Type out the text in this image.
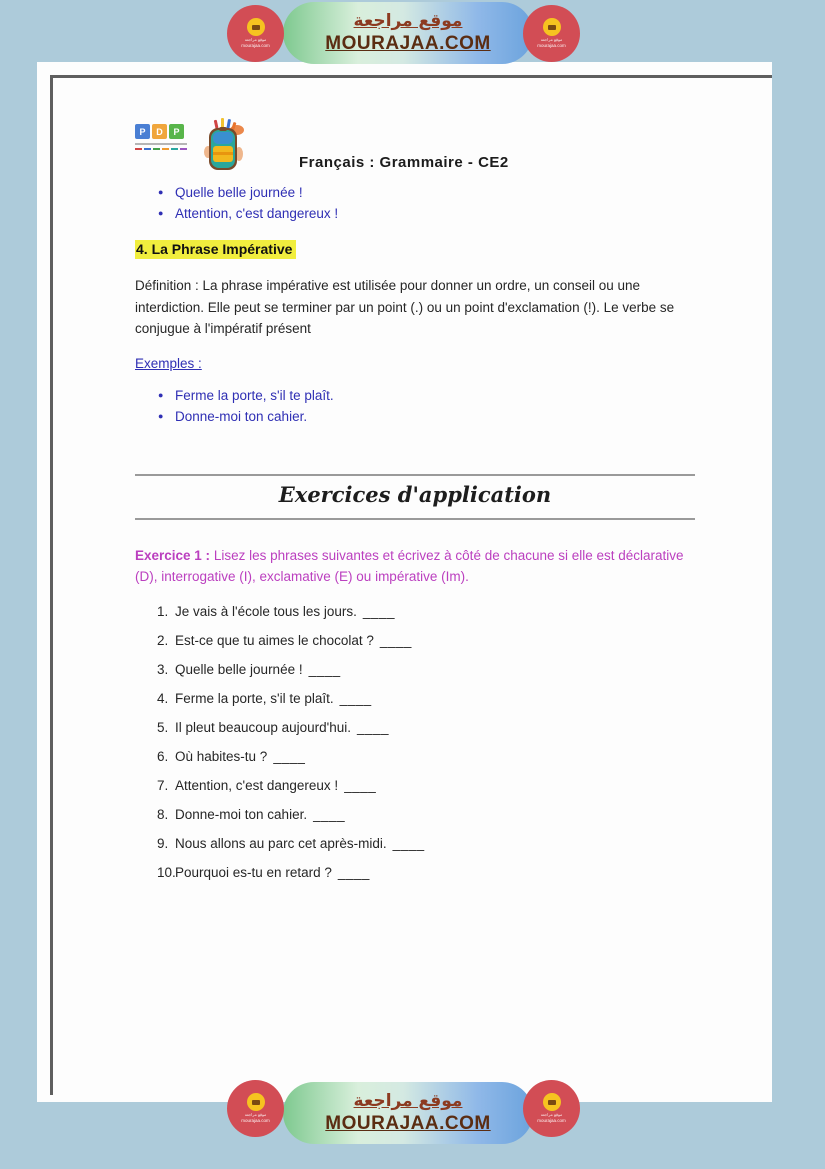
موقع مراجعة
mourajaa.com
موقع مراجعة
mourajaa.com
موقع مراجعة
MOURAJAA.COM
P	D	P
Français : Grammaire - CE2
● Quelle belle journée !
● Attention, c'est dangereux !
4. La Phrase Impérative

Définition : La phrase impérative est utilisée pour donner un ordre, un conseil ou une interdiction. Elle peut se terminer par un point (.) ou un point d'exclamation (!). Le verbe se conjugue à l'impératif présent

Exemples :
● Ferme la porte, s'il te plaît.
● Donne-moi ton cahier.
Exercices d'application

Exercice 1 : Lisez les phrases suivantes et écrivez à côté de chacune si elle est déclarative (D), interrogative (I), exclamative (E) ou impérative (Im).

1. Je vais à l'école tous les jours. ____
2. Est-ce que tu aimes le chocolat ? ____
3. Quelle belle journée ! ____
4. Ferme la porte, s'il te plaît. ____
5. Il pleut beaucoup aujourd'hui. ____
6. Où habites-tu ? ____
7. Attention, c'est dangereux ! ____
8. Donne-moi ton cahier. ____
9. Nous allons au parc cet après-midi. ____
10. Pourquoi es-tu en retard ? ____
موقع مراجعة
mourajaa.com
موقع مراجعة
mourajaa.com
موقع مراجعة
MOURAJAA.COM
